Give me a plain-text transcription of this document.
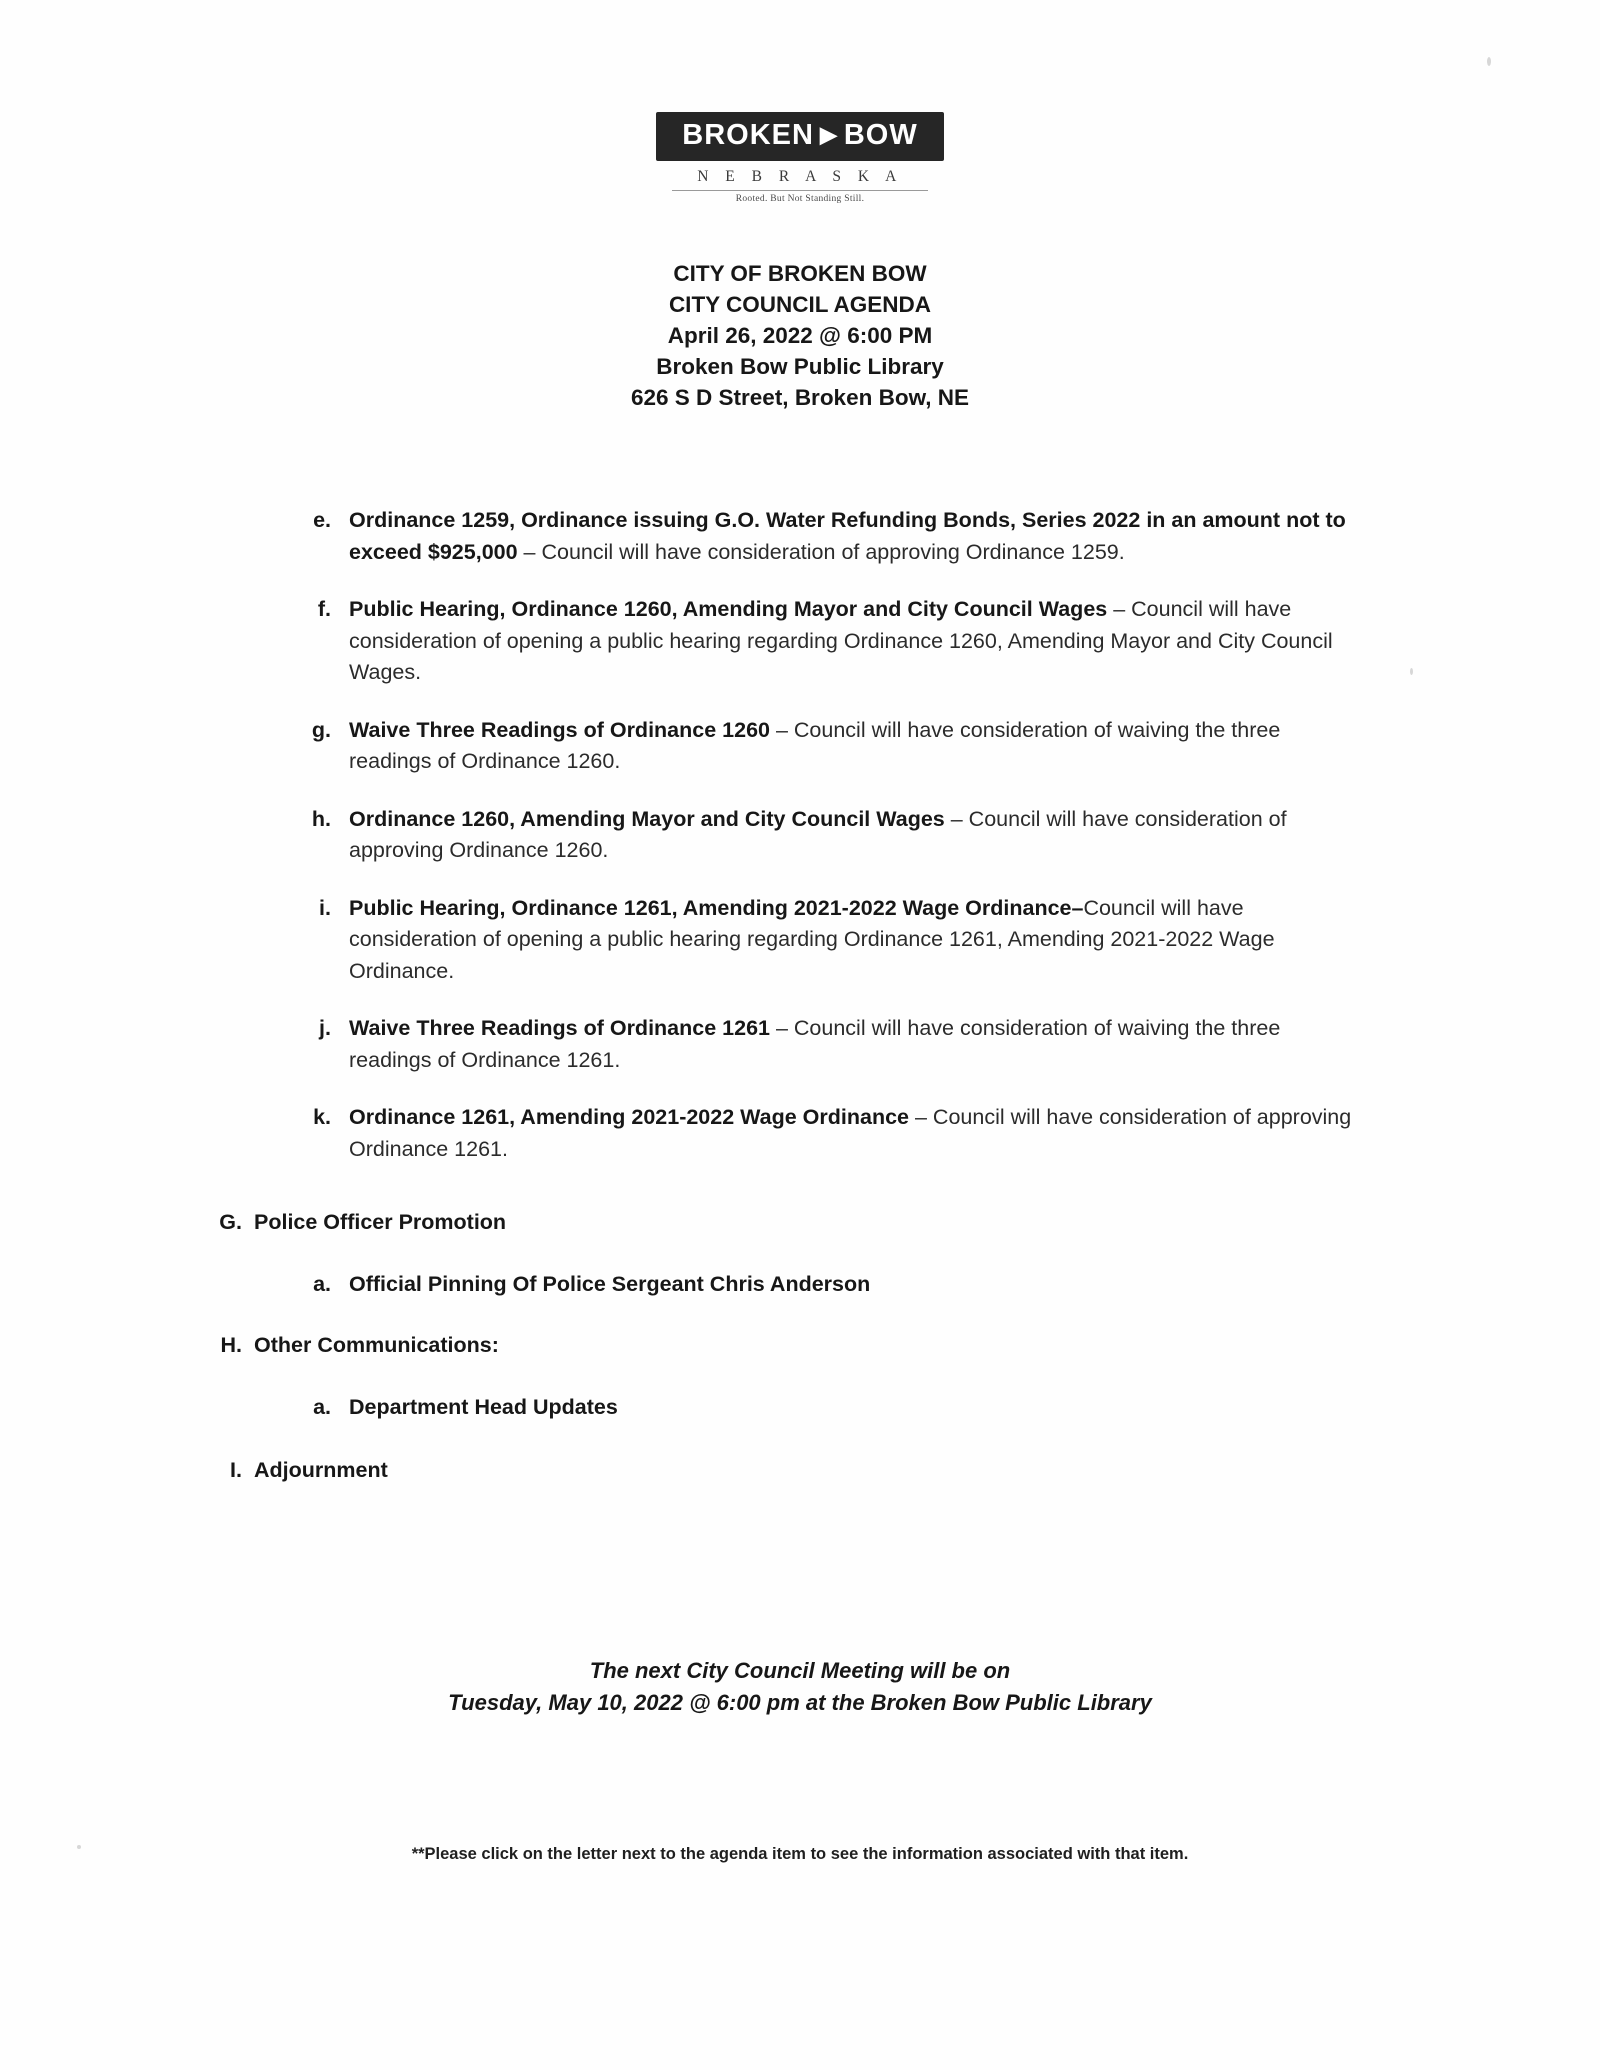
BROKEN ▶ BOW
N E B R A S K A
Rooted. But Not Standing Still.
CITY OF BROKEN BOW
CITY COUNCIL AGENDA
April 26, 2022 @ 6:00 PM
Broken Bow Public Library
626 S D Street, Broken Bow, NE
e. Ordinance 1259, Ordinance issuing G.O. Water Refunding Bonds, Series 2022 in an amount not to exceed $925,000 – Council will have consideration of approving Ordinance 1259.
f. Public Hearing, Ordinance 1260, Amending Mayor and City Council Wages – Council will have consideration of opening a public hearing regarding Ordinance 1260, Amending Mayor and City Council Wages.
g. Waive Three Readings of Ordinance 1260 – Council will have consideration of waiving the three readings of Ordinance 1260.
h. Ordinance 1260, Amending Mayor and City Council Wages – Council will have consideration of approving Ordinance 1260.
i. Public Hearing, Ordinance 1261, Amending 2021-2022 Wage Ordinance–Council will have consideration of opening a public hearing regarding Ordinance 1261, Amending 2021-2022 Wage Ordinance.
j. Waive Three Readings of Ordinance 1261 – Council will have consideration of waiving the three readings of Ordinance 1261.
k. Ordinance 1261, Amending 2021-2022 Wage Ordinance – Council will have consideration of approving Ordinance 1261.
G. Police Officer Promotion
a. Official Pinning Of Police Sergeant Chris Anderson
H. Other Communications:
a. Department Head Updates
I. Adjournment
The next City Council Meeting will be on
Tuesday, May 10, 2022 @ 6:00 pm at the Broken Bow Public Library
**Please click on the letter next to the agenda item to see the information associated with that item.
